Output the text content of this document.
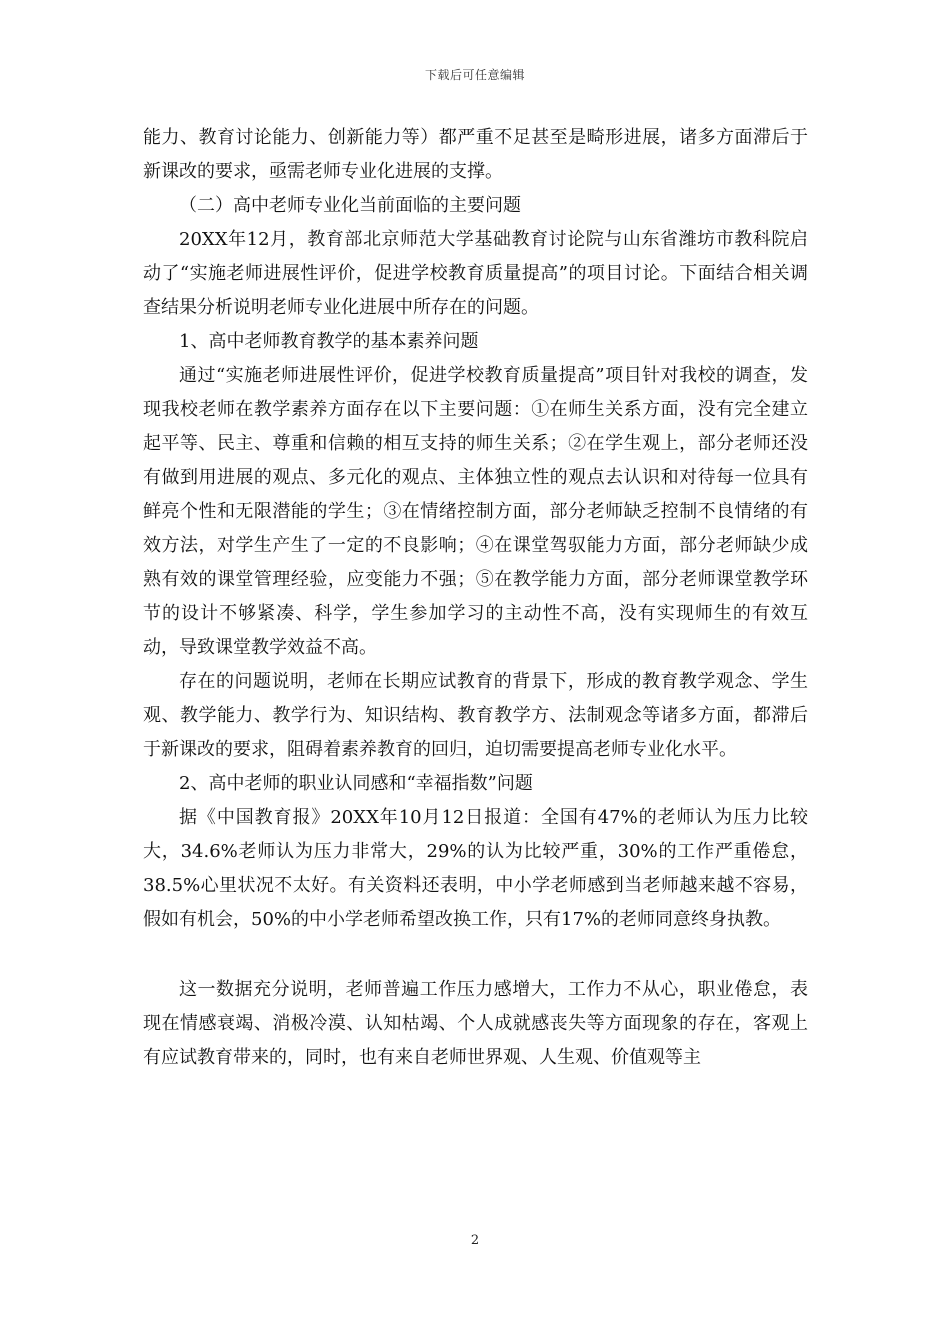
下载后可任意编辑

能力、教育讨论能力、创新能力等）都严重不足甚至是畸形进展，诸多方面滞后于新课改的要求，亟需老师专业化进展的支撑。

（二）高中老师专业化当前面临的主要问题

20XX年12月，教育部北京师范大学基础教育讨论院与山东省潍坊市教科院启动了“实施老师进展性评价，促进学校教育质量提高”的项目讨论。下面结合相关调查结果分析说明老师专业化进展中所存在的问题。

1、高中老师教育教学的基本素养问题

通过“实施老师进展性评价，促进学校教育质量提高”项目针对我校的调查，发现我校老师在教学素养方面存在以下主要问题：①在师生关系方面，没有完全建立起平等、民主、尊重和信赖的相互支持的师生关系；②在学生观上，部分老师还没有做到用进展的观点、多元化的观点、主体独立性的观点去认识和对待每一位具有鲜亮个性和无限潜能的学生；③在情绪控制方面，部分老师缺乏控制不良情绪的有效方法，对学生产生了一定的不良影响；④在课堂驾驭能力方面，部分老师缺少成熟有效的课堂管理经验，应变能力不强；⑤在教学能力方面，部分老师课堂教学环节的设计不够紧凑、科学，学生参加学习的主动性不高，没有实现师生的有效互动，导致课堂教学效益不高。

存在的问题说明，老师在长期应试教育的背景下，形成的教育教学观念、学生观、教学能力、教学行为、知识结构、教育教学方、法制观念等诸多方面，都滞后于新课改的要求，阻碍着素养教育的回归，迫切需要提高老师专业化水平。

2、高中老师的职业认同感和“幸福指数”问题

据《中国教育报》20XX年10月12日报道：全国有47%的老师认为压力比较大，34.6%老师认为压力非常大，29%的认为比较严重，30%的工作严重倦怠，38.5%心里状况不太好。有关资料还表明，中小学老师感到当老师越来越不容易，假如有机会，50%的中小学老师希望改换工作，只有17%的老师同意终身执教。

这一数据充分说明，老师普遍工作压力感增大，工作力不从心，职业倦怠，表现在情感衰竭、消极冷漠、认知枯竭、个人成就感丧失等方面现象的存在，客观上有应试教育带来的，同时，也有来自老师世界观、人生观、价值观等主

2
